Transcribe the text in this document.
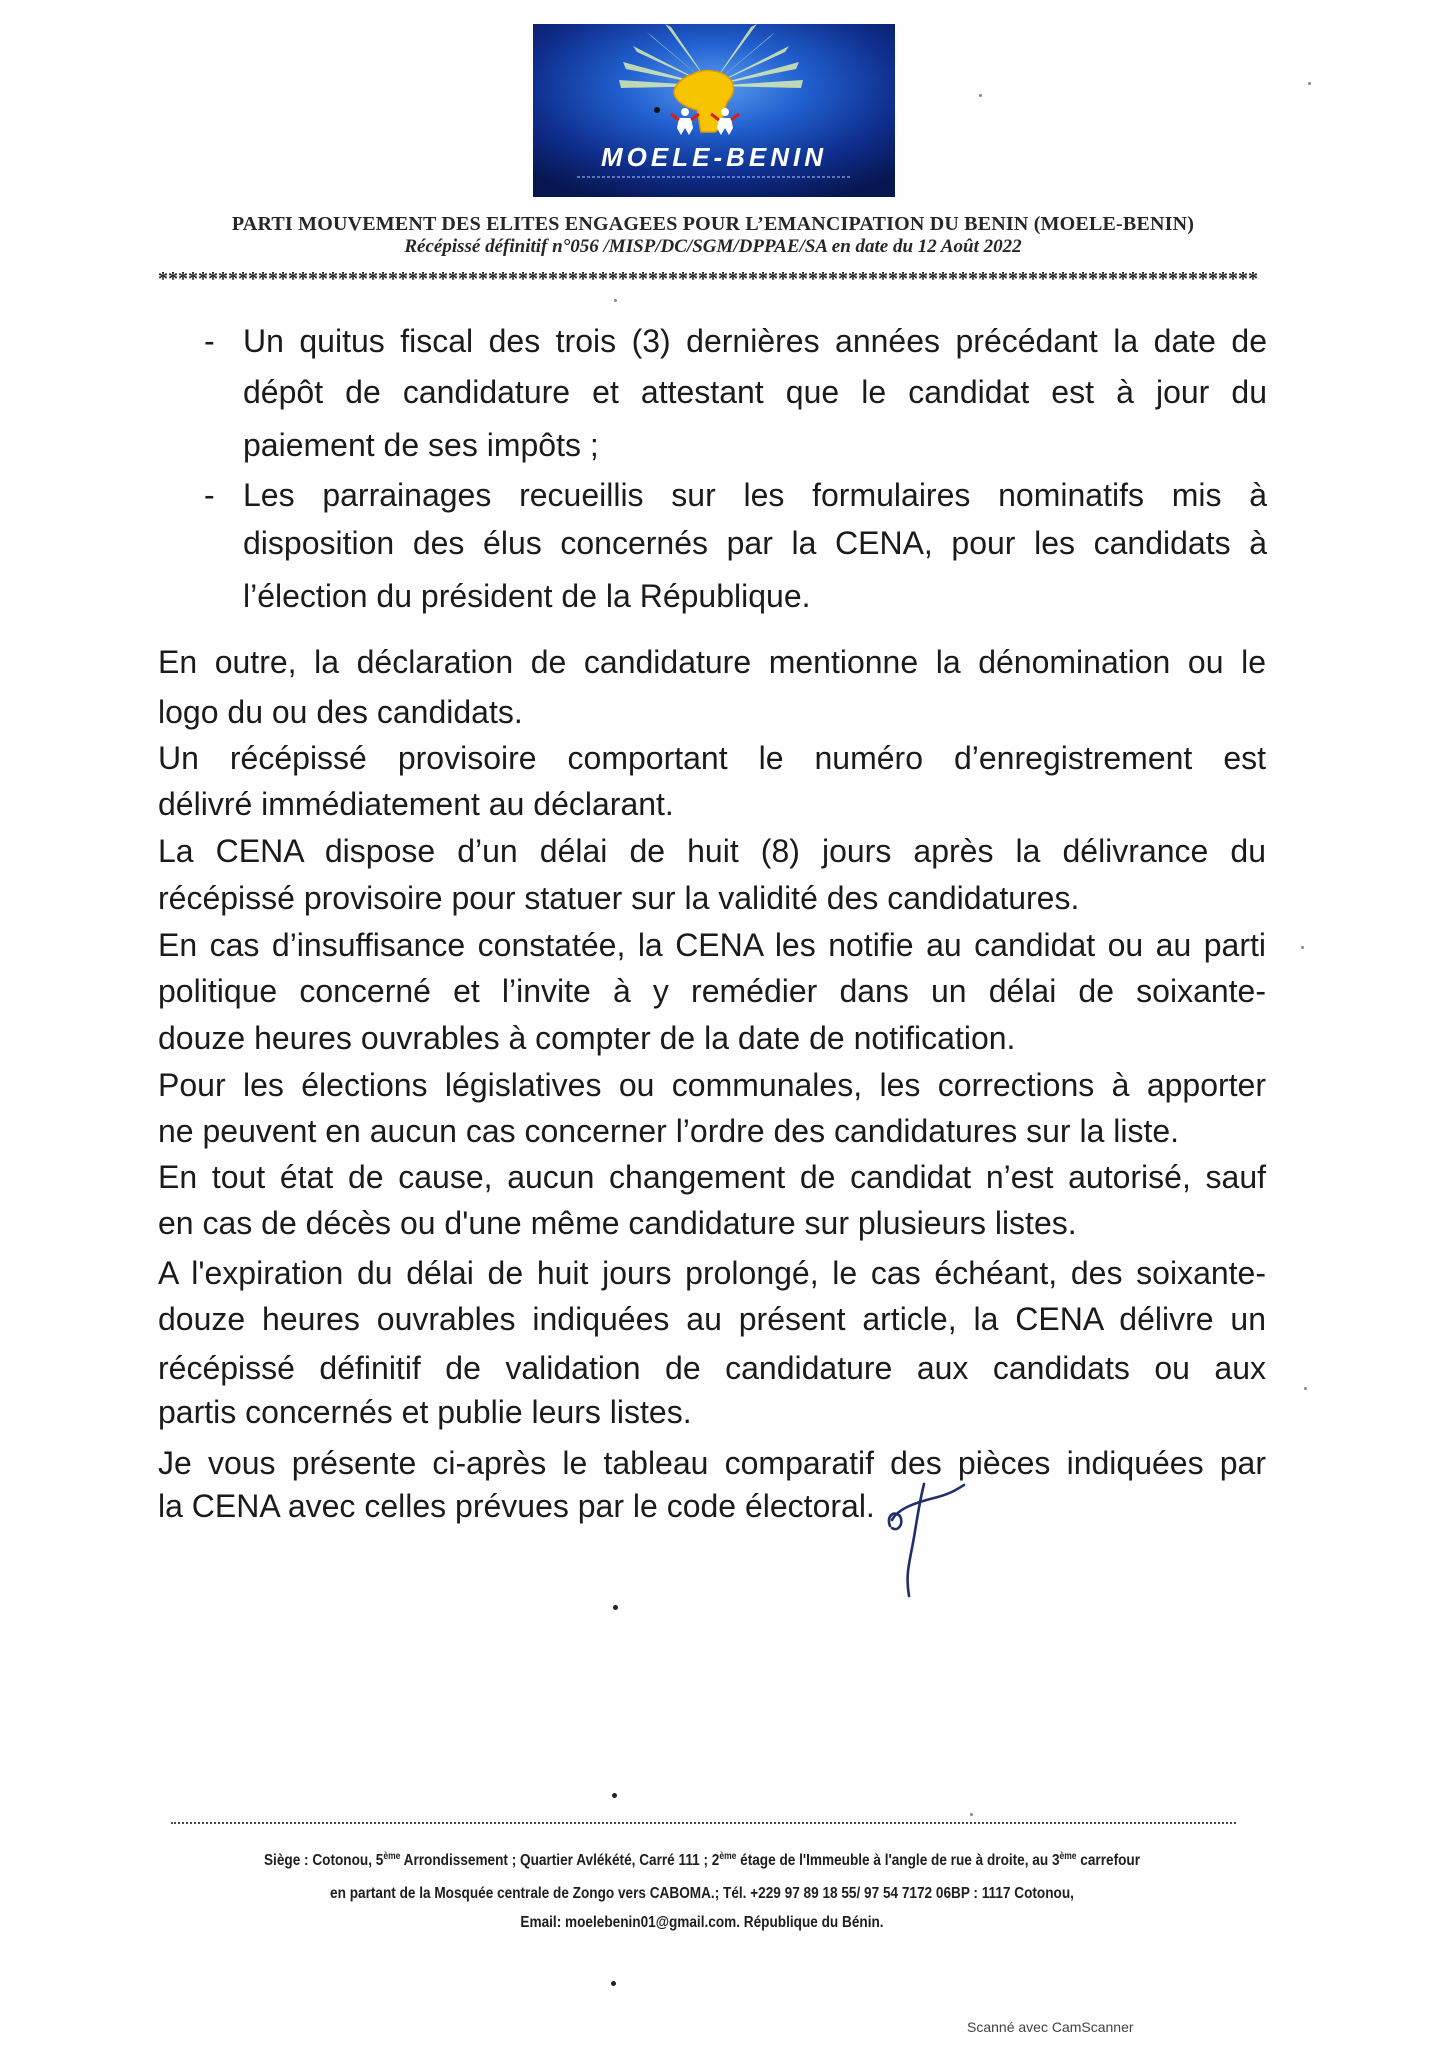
MOELE-BENIN
PARTI MOUVEMENT DES ELITES ENGAGEES POUR L’EMANCIPATION DU BENIN (MOELE-BENIN)
Récépissé définitif n°056 /MISP/DC/SGM/DPPAE/SA en date du 12 Août 2022
**************************************************************************************************************
- Un quitus fiscal des trois (3) dernières années précédant la date de
dépôt de candidature et attestant que le candidat est à jour du
paiement de ses impôts ;
- Les parrainages recueillis sur les formulaires nominatifs mis à
disposition des élus concernés par la CENA, pour les candidats à
l’élection du président de la République.
En outre, la déclaration de candidature mentionne la dénomination ou le
logo du ou des candidats.
Un récépissé provisoire comportant le numéro d’enregistrement est
délivré immédiatement au déclarant.
La CENA dispose d’un délai de huit (8) jours après la délivrance du
récépissé provisoire pour statuer sur la validité des candidatures.
En cas d’insuffisance constatée, la CENA les notifie au candidat ou au parti
politique concerné et l’invite à y remédier dans un délai de soixante-
douze heures ouvrables à compter de la date de notification.
Pour les élections législatives ou communales, les corrections à apporter
ne peuvent en aucun cas concerner l’ordre des candidatures sur la liste.
En tout état de cause, aucun changement de candidat n’est autorisé, sauf
en cas de décès ou d'une même candidature sur plusieurs listes.
A l'expiration du délai de huit jours prolongé, le cas échéant, des soixante-
douze heures ouvrables indiquées au présent article, la CENA délivre un
récépissé définitif de validation de candidature aux candidats ou aux
partis concernés et publie leurs listes.
Je vous présente ci-après le tableau comparatif des pièces indiquées par
la CENA avec celles prévues par le code électoral.
Siège : Cotonou, 5ème Arrondissement ; Quartier Avlékété, Carré 111 ; 2ème étage de l'Immeuble à l'angle de rue à droite, au 3ème carrefour
en partant de la Mosquée centrale de Zongo vers CABOMA.; Tél. +229 97 89 18 55/ 97 54 7172 06BP : 1117 Cotonou,
Email: moelebenin01@gmail.com. République du Bénin.
Scanné avec CamScanner
